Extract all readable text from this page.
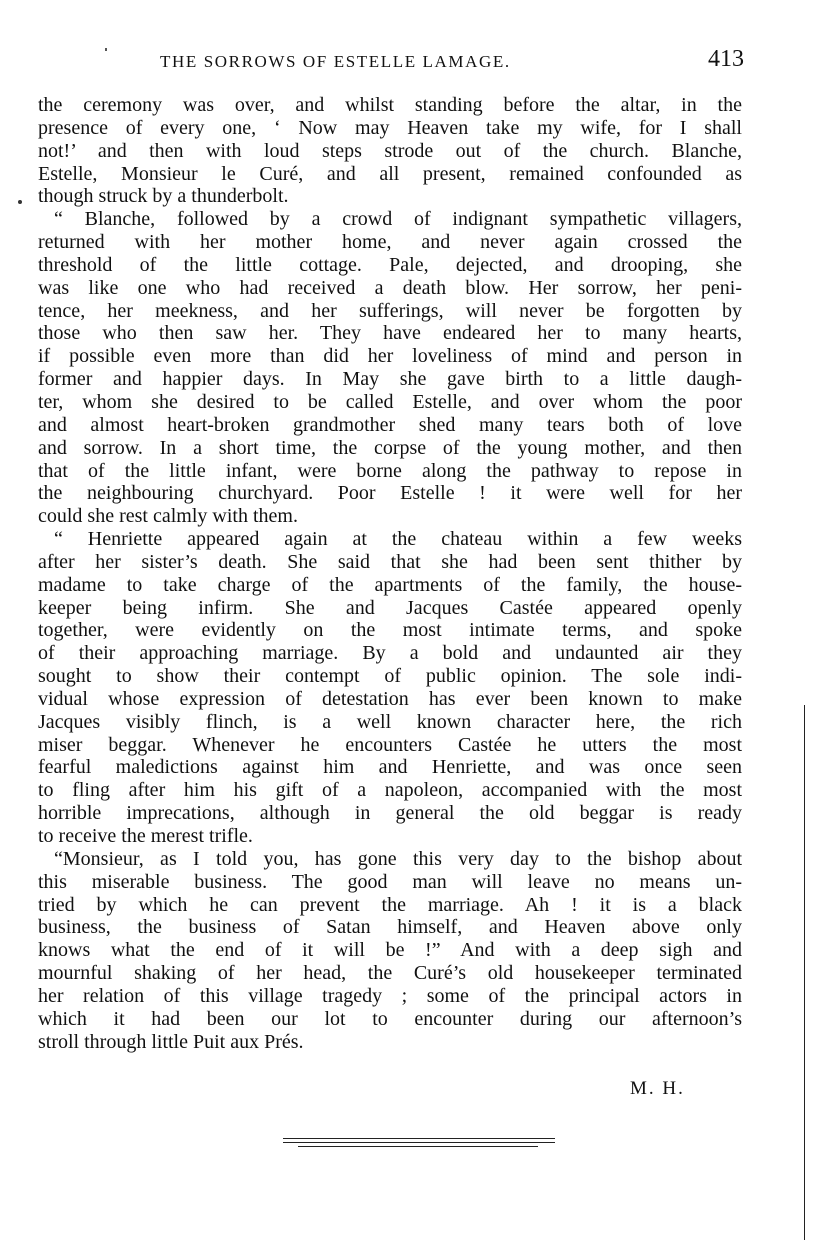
THE SORROWS OF ESTELLE LAMAGE.	413
the ceremony was over, and whilst standing before the altar, in the
presence of every one, ‘ Now may Heaven take my wife, for I shall
not!’ and then with loud steps strode out of the church. Blanche,
Estelle, Monsieur le Curé, and all present, remained confounded as
though struck by a thunderbolt.
“ Blanche, followed by a crowd of indignant sympathetic villagers,
returned with her mother home, and never again crossed the
threshold of the little cottage. Pale, dejected, and drooping, she
was like one who had received a death blow. Her sorrow, her peni-
tence, her meekness, and her sufferings, will never be forgotten by
those who then saw her. They have endeared her to many hearts,
if possible even more than did her loveliness of mind and person in
former and happier days. In May she gave birth to a little daugh-
ter, whom she desired to be called Estelle, and over whom the poor
and almost heart-broken grandmother shed many tears both of love
and sorrow. In a short time, the corpse of the young mother, and then
that of the little infant, were borne along the pathway to repose in
the neighbouring churchyard. Poor Estelle ! it were well for her
could she rest calmly with them.
“ Henriette appeared again at the chateau within a few weeks
after her sister’s death. She said that she had been sent thither by
madame to take charge of the apartments of the family, the house-
keeper being infirm. She and Jacques Castée appeared openly
together, were evidently on the most intimate terms, and spoke
of their approaching marriage. By a bold and undaunted air they
sought to show their contempt of public opinion. The sole indi-
vidual whose expression of detestation has ever been known to make
Jacques visibly flinch, is a well known character here, the rich
miser beggar. Whenever he encounters Castée he utters the most
fearful maledictions against him and Henriette, and was once seen
to fling after him his gift of a napoleon, accompanied with the most
horrible imprecations, although in general the old beggar is ready
to receive the merest trifle.
“Monsieur, as I told you, has gone this very day to the bishop about
this miserable business. The good man will leave no means un-
tried by which he can prevent the marriage. Ah ! it is a black
business, the business of Satan himself, and Heaven above only
knows what the end of it will be !” And with a deep sigh and
mournful shaking of her head, the Curé’s old housekeeper terminated
her relation of this village tragedy ; some of the principal actors in
which it had been our lot to encounter during our afternoon’s
stroll through little Puit aux Prés.
M. H.
